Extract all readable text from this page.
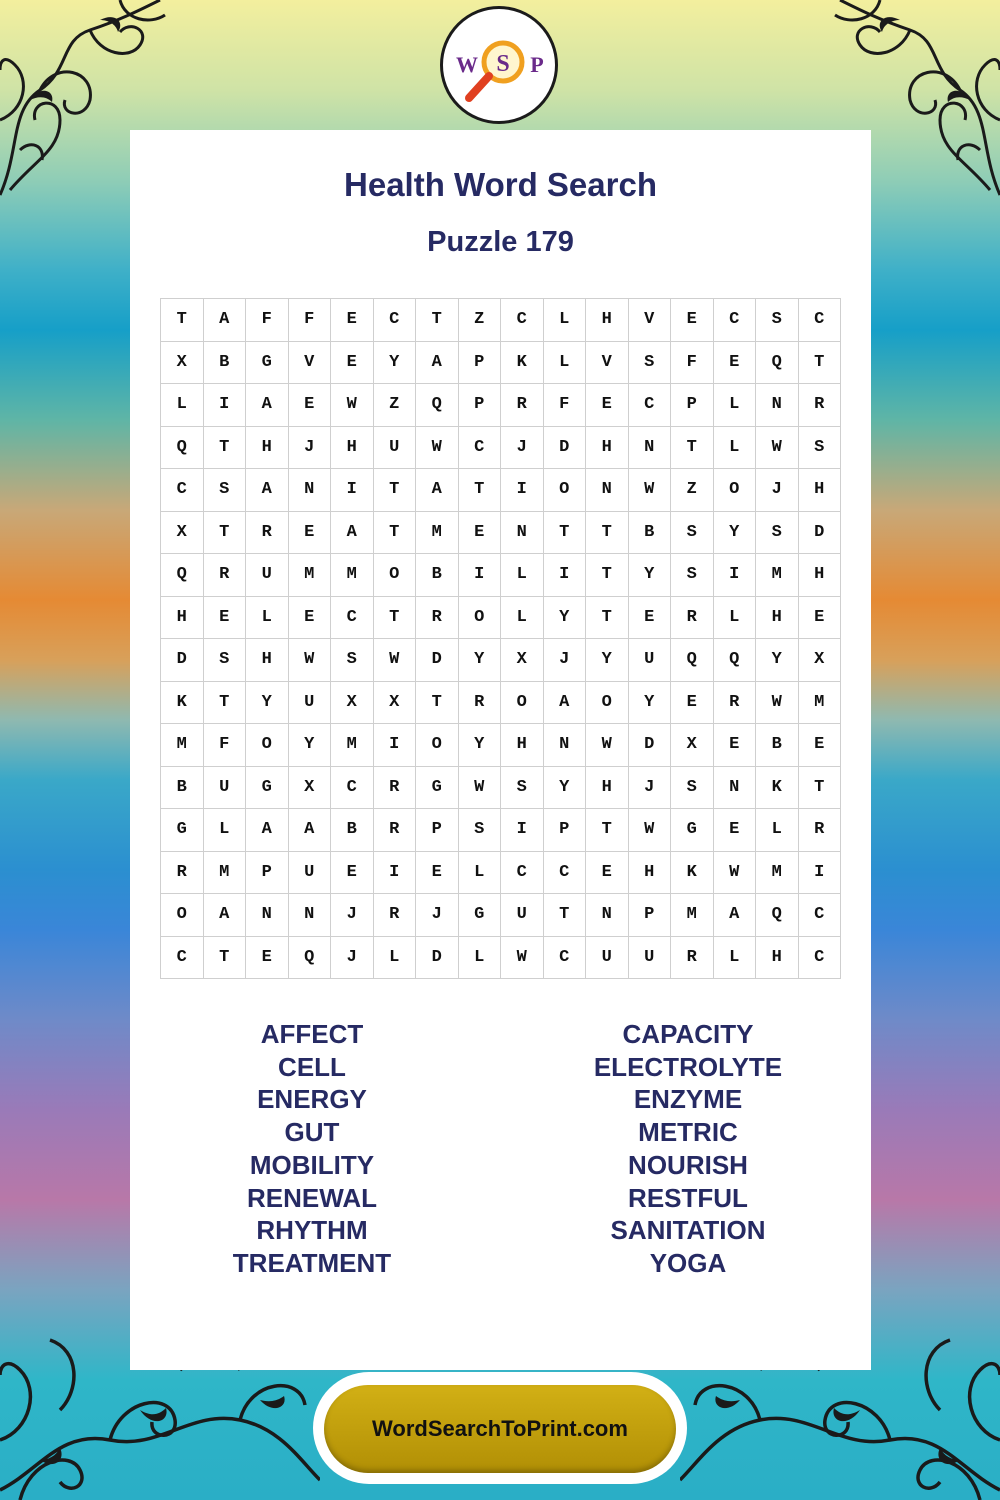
Health Word Search
Puzzle 179
T	A	F	F	E	C	T	Z	C	L	H	V	E	C	S	C
X	B	G	V	E	Y	A	P	K	L	V	S	F	E	Q	T
L	I	A	E	W	Z	Q	P	R	F	E	C	P	L	N	R
Q	T	H	J	H	U	W	C	J	D	H	N	T	L	W	S
C	S	A	N	I	T	A	T	I	O	N	W	Z	O	J	H
X	T	R	E	A	T	M	E	N	T	T	B	S	Y	S	D
Q	R	U	M	M	O	B	I	L	I	T	Y	S	I	M	H
H	E	L	E	C	T	R	O	L	Y	T	E	R	L	H	E
D	S	H	W	S	W	D	Y	X	J	Y	U	Q	Q	Y	X
K	T	Y	U	X	X	T	R	O	A	O	Y	E	R	W	M
M	F	O	Y	M	I	O	Y	H	N	W	D	X	E	B	E
B	U	G	X	C	R	G	W	S	Y	H	J	S	N	K	T
G	L	A	A	B	R	P	S	I	P	T	W	G	E	L	R
R	M	P	U	E	I	E	L	C	C	E	H	K	W	M	I
O	A	N	N	J	R	J	G	U	T	N	P	M	A	Q	C
C	T	E	Q	J	L	D	L	W	C	U	U	R	L	H	C
AFFECT
CELL
ENERGY
GUT
MOBILITY
RENEWAL
RHYTHM
TREATMENT
CAPACITY
ELECTROLYTE
ENZYME
METRIC
NOURISH
RESTFUL
SANITATION
YOGA
W S P
WordSearchToPrint.com
